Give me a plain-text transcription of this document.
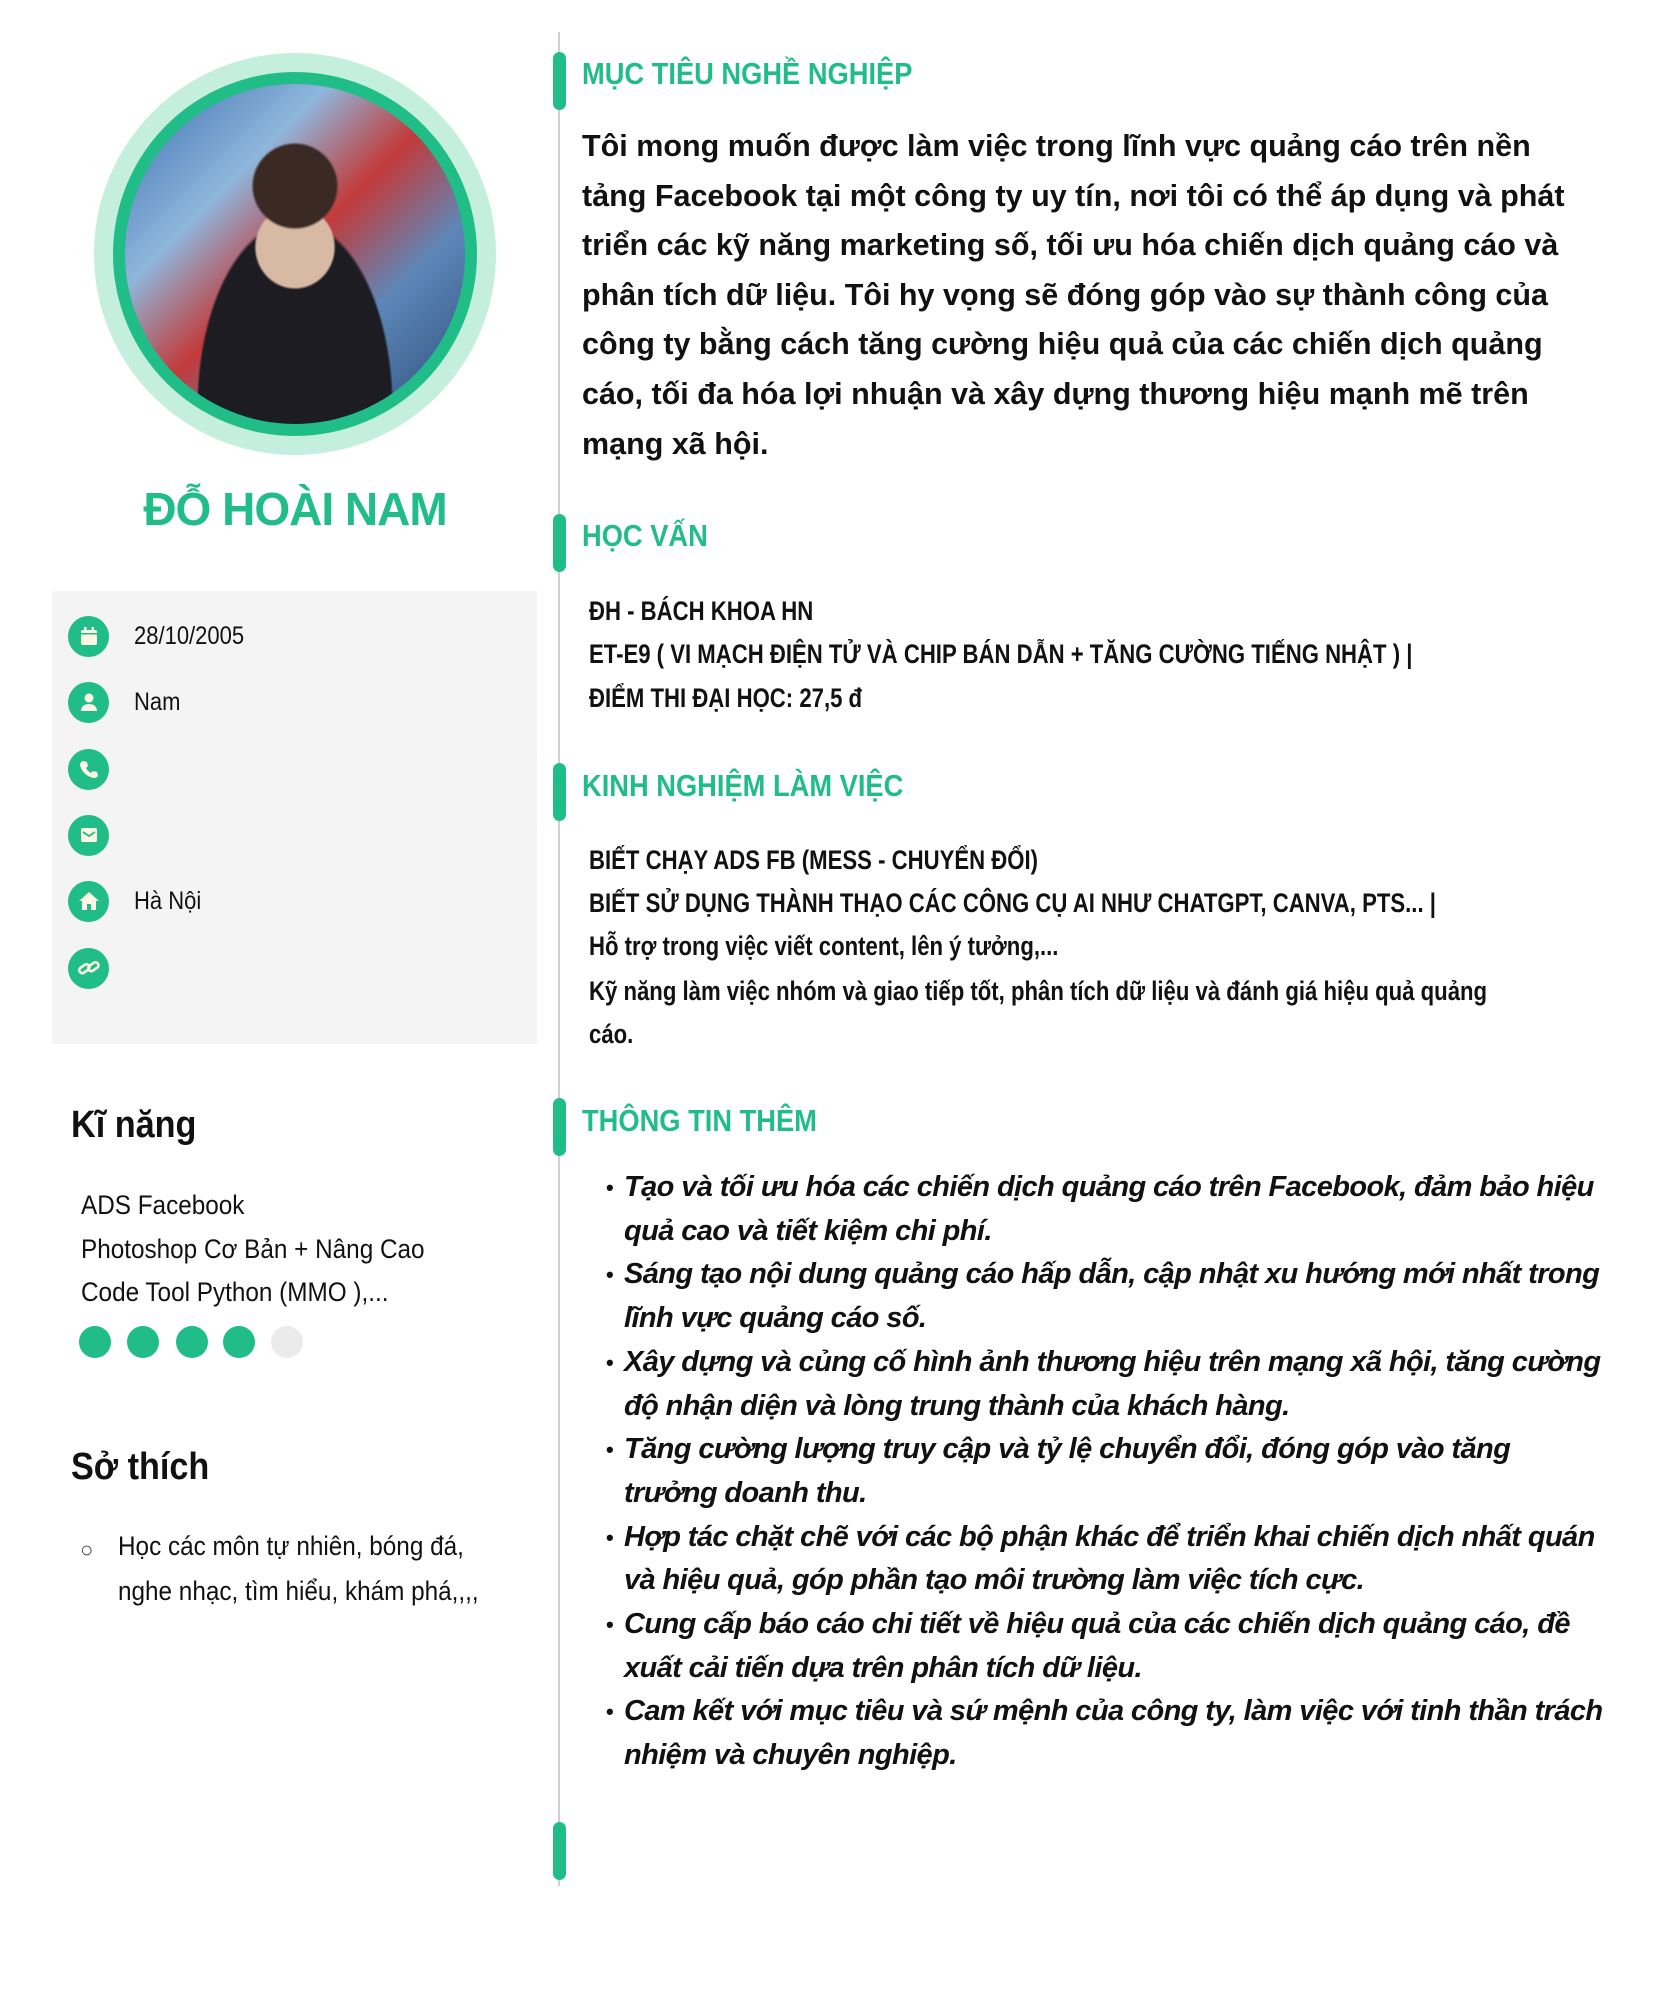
ĐỖ HOÀI NAM
28/10/2005
Nam
Hà Nội
Kĩ năng
ADS Facebook
Photoshop Cơ Bản + Nâng Cao
Code Tool Python (MMO ),...
Sở thích
○ Học các môn tự nhiên, bóng đá,
nghe nhạc, tìm hiểu, khám phá,,,,
MỤC TIÊU NGHỀ NGHIỆP
Tôi mong muốn được làm việc trong lĩnh vực quảng cáo trên nền tảng Facebook tại một công ty uy tín, nơi tôi có thể áp dụng và phát triển các kỹ năng marketing số, tối ưu hóa chiến dịch quảng cáo và phân tích dữ liệu. Tôi hy vọng sẽ đóng góp vào sự thành công của công ty bằng cách tăng cường hiệu quả của các chiến dịch quảng cáo, tối đa hóa lợi nhuận và xây dựng thương hiệu mạnh mẽ trên mạng xã hội.
HỌC VẤN
ĐH - BÁCH KHOA HN
ET-E9 ( VI MẠCH ĐIỆN TỬ VÀ CHIP BÁN DẪN + TĂNG CƯỜNG TIẾNG NHẬT ) |
ĐIỂM THI ĐẠI HỌC: 27,5 đ
KINH NGHIỆM LÀM VIỆC
BIẾT CHẠY ADS FB (MESS - CHUYỂN ĐỔI)
BIẾT SỬ DỤNG THÀNH THẠO CÁC CÔNG CỤ AI NHƯ CHATGPT, CANVA, PTS... |
Hỗ trợ trong việc viết content, lên ý tưởng,...
Kỹ năng làm việc nhóm và giao tiếp tốt, phân tích dữ liệu và đánh giá hiệu quả quảng
cáo.
THÔNG TIN THÊM
• Tạo và tối ưu hóa các chiến dịch quảng cáo trên Facebook, đảm bảo hiệu quả cao và tiết kiệm chi phí.
• Sáng tạo nội dung quảng cáo hấp dẫn, cập nhật xu hướng mới nhất trong lĩnh vực quảng cáo số.
• Xây dựng và củng cố hình ảnh thương hiệu trên mạng xã hội, tăng cường độ nhận diện và lòng trung thành của khách hàng.
• Tăng cường lượng truy cập và tỷ lệ chuyển đổi, đóng góp vào tăng trưởng doanh thu.
• Hợp tác chặt chẽ với các bộ phận khác để triển khai chiến dịch nhất quán và hiệu quả, góp phần tạo môi trường làm việc tích cực.
• Cung cấp báo cáo chi tiết về hiệu quả của các chiến dịch quảng cáo, đề xuất cải tiến dựa trên phân tích dữ liệu.
• Cam kết với mục tiêu và sứ mệnh của công ty, làm việc với tinh thần trách nhiệm và chuyên nghiệp.
